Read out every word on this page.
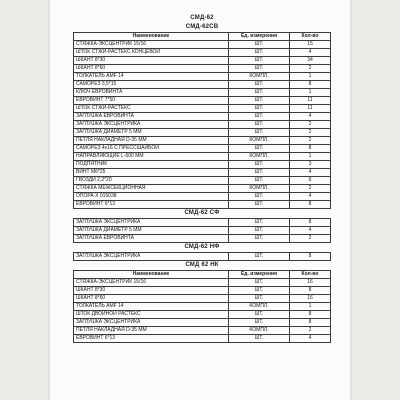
СМД-62
СМД-62СВ
Наименование	Ед. измерения	Кол-во
СТЯЖКА-ЭКСЦЕНТРИК 15/16	ШТ.	15
ШТОК СТЖИ-РАСТЕКС КОНЦЕВОЙ	ШТ.	4
ШКАНТ 8*30	ШТ.	34
ШКАНТ 8*60	ШТ.	2
ТОЛКАТЕЛЬ АМF 14	КОМПЛ.	1
САМОРЕЗ 3,5*15	ШТ.	8
КЛЮЧ ЕВРОВИНТА	ШТ.	1
ЕВРОВИНТ 7*50	ШТ.	11
ШТОК СТЖИ-РАСТЕКС	ШТ.	11
ЗАГЛУШКА ЕВРОВИНТА	ШТ.	4
ЗАГЛУШКА ЭКСЦЕНТРИКА	ШТ.	2
ЗАГЛУШКА ДИАМЕТР 5 ММ	ШТ.	2
ПЕТЛЯ НАКЛАДНАЯ D-35 ММ	КОМПЛ.	2
САМОРЕЗ 4х16 С ПРЕССШАЙБОЙ	ШТ.	8
НАПРАВЛЯЮЩИЕ L-500 ММ	КОМПЛ.	1
ПОДПЯТНИК	ШТ.	3
ВИНТ М6*25	ШТ.	4
ГВОЗДИ 2,2*20	ШТ.	6
СТЯЖКА МЕЖСЕКЦИОННАЯ	КОМПЛ.	2
ОПОРА X 015038	ШТ.	4
ЕВРОВИНТ 6*13	ШТ.	8
СМД-62 СФ
ЗАГЛУШКА ЭКСЦЕНТРИКА	ШТ.	8
ЗАГЛУШКА ДИАМЕТР 5 ММ	ШТ.	4
ЗАГЛУШКА ЕВРОВИНТА	ШТ.	2
СМД-62 НФ
ЗАГЛУШКА ЭКСЦЕНТРИКА	ШТ.	8
СМД 62 НК
Наименование	Ед. измерения	Кол-во
СТЯЖКА-ЭКСЦЕНТРИК 15/16	ШТ.	16
ШКАНТ 8*30	ШТ.	8
ШКАНТ 8*60	ШТ.	16
ТОЛКАТЕЛЬ АМF 14	КОМПЛ.	1
ШТОК ДВОЙНОЙ РАСТЕКС	ШТ.	8
ЗАГЛУШКА ЭКСЦЕНТРИКА	ШТ.	8
ПЕТЛЯ НАКЛАДНАЯ D-35 ММ	КОМПЛ.	2
ЕВРОВИНТ 6*13	ШТ.	4
